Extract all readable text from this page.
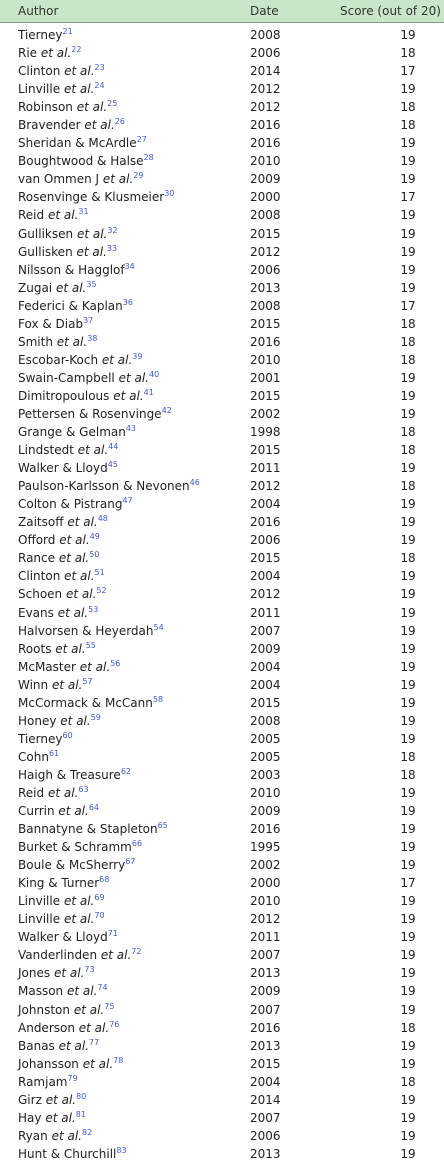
Author	Date	Score (out of 20)
Tierney$^{21}$	2008	19
Rie et al.$^{22}$	2006	18
Clinton et al.$^{23}$	2014	17
Linville et al.$^{24}$	2012	19
Robinson et al.$^{25}$	2012	18
Bravender et al.$^{26}$	2016	18
Sheridan & McArdle$^{27}$	2016	19
Boughtwood & Halse$^{28}$	2010	19
van Ommen J et al.$^{29}$	2009	19
Rosenvinge & Klusmeier$^{30}$	2000	17
Reid et al.$^{31}$	2008	19
Gulliksen et al.$^{32}$	2015	19
Gullisken et al.$^{33}$	2012	19
Nilsson & Hagglof$^{34}$	2006	19
Zugai et al.$^{35}$	2013	19
Federici & Kaplan$^{36}$	2008	17
Fox & Diab$^{37}$	2015	18
Smith et al.$^{38}$	2016	18
Escobar-Koch et al.$^{39}$	2010	18
Swain-Campbell et al.$^{40}$	2001	19
Dimitropoulous et al.$^{41}$	2015	19
Pettersen & Rosenvinge$^{42}$	2002	19
Grange & Gelman$^{43}$	1998	18
Lindstedt et al.$^{44}$	2015	18
Walker & Lloyd$^{45}$	2011	19
Paulson-Karlsson & Nevonen$^{46}$	2012	18
Colton & Pistrang$^{47}$	2004	19
Zaitsoff et al.$^{48}$	2016	19
Offord et al.$^{49}$	2006	19
Rance et al.$^{50}$	2015	18
Clinton et al.$^{51}$	2004	19
Schoen et al.$^{52}$	2012	19
Evans et al.$^{53}$	2011	19
Halvorsen & Heyerdah$^{54}$	2007	19
Roots et al.$^{55}$	2009	19
McMaster et al.$^{56}$	2004	19
Winn et al.$^{57}$	2004	19
McCormack & McCann$^{58}$	2015	19
Honey et al.$^{59}$	2008	19
Tierney$^{60}$	2005	19
Cohn$^{61}$	2005	18
Haigh & Treasure$^{62}$	2003	18
Reid et al.$^{63}$	2010	19
Currin et al.$^{64}$	2009	19
Bannatyne & Stapleton$^{65}$	2016	19
Burket & Schramm$^{66}$	1995	19
Boule & McSherry$^{67}$	2002	19
King & Turner$^{68}$	2000	17
Linville et al.$^{69}$	2010	19
Linville et al.$^{70}$	2012	19
Walker & Lloyd$^{71}$	2011	19
Vanderlinden et al.$^{72}$	2007	19
Jones et al.$^{73}$	2013	19
Masson et al.$^{74}$	2009	19
Johnston et al.$^{75}$	2007	19
Anderson et al.$^{76}$	2016	18
Banas et al.$^{77}$	2013	19
Johansson et al.$^{78}$	2015	19
Ramjam$^{79}$	2004	18
Girz et al.$^{80}$	2014	19
Hay et al.$^{81}$	2007	19
Ryan et al.$^{82}$	2006	19
Hunt & Churchill$^{83}$	2013	19
